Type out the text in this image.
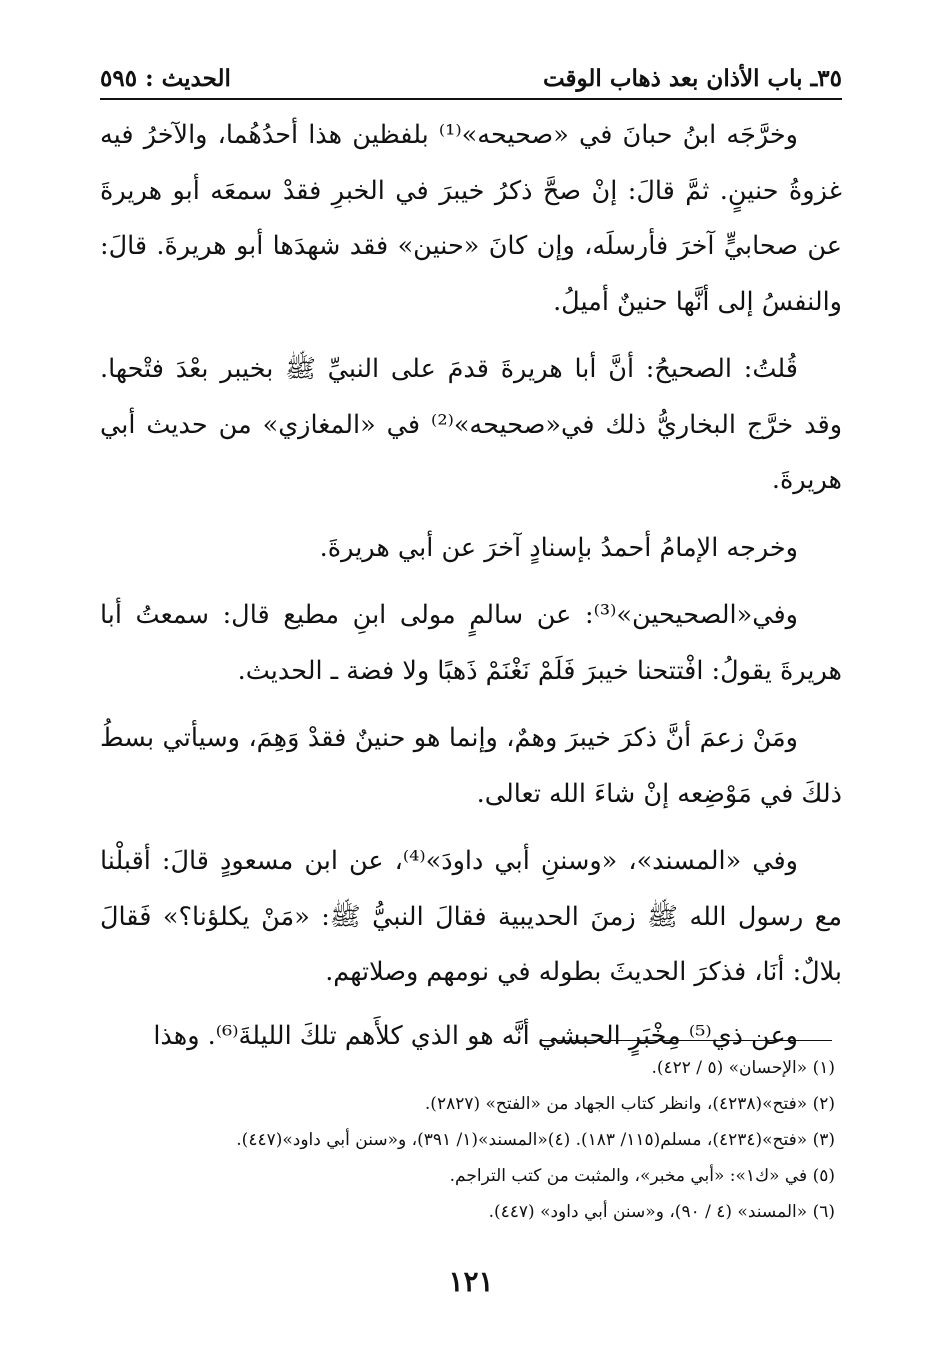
٣٥ـ باب الأذان بعد ذهاب الوقت
الحديث : ٥٩٥

وخرَّجَه ابنُ حبانَ في «صحيحه»⁽¹⁾ بلفظين هذا أحدُهُما، والآخرُ فيه غزوةُ حنينٍ. ثمَّ قالَ: إنْ صحَّ ذكرُ خيبرَ في الخبرِ فقدْ سمعَه أبو هريرةَ عن صحابيٍّ آخرَ فأرسلَه، وإن كانَ «حنين» فقد شهدَها أبو هريرةَ. قالَ: والنفسُ إلى أنَّها حنينٌ أميلُ.

قُلتُ: الصحيحُ: أنَّ أبا هريرةَ قدمَ على النبيِّ ﷺ بخيبر بعْدَ فتْحها. وقد خرَّج البخاريُّ ذلك في«صحيحه»⁽²⁾ في «المغازي» من حديث أبي هريرةَ.

وخرجه الإمامُ أحمدُ بإسنادٍ آخرَ عن أبي هريرةَ.

وفي«الصحيحين»⁽³⁾: عن سالمٍ مولى ابنِ مطيع قال: سمعتُ أبا هريرةَ يقولُ: افْتتحنا خيبرَ فَلَمْ نَغْنَمْ ذَهبًا ولا فضة ـ الحديث.

ومَنْ زعمَ أنَّ ذكرَ خيبرَ وهمٌ، وإنما هو حنينٌ فقدْ وَهِمَ، وسيأتي بسطُ ذلكَ في مَوْضِعه إنْ شاءَ الله تعالى.

وفي «المسند»، «وسننِ أبي داودَ»⁽⁴⁾، عن ابن مسعودٍ قالَ: أقبلْنا مع رسول الله ﷺ زمنَ الحديبية فقالَ النبيُّ ﷺ: «مَنْ يكلؤنا؟» فَقالَ بلالٌ: أنَا، فذكرَ الحديثَ بطوله في نومهم وصلاتهم.

وعن ذي⁽⁵⁾ مِخْبَرٍ الحبشي أنَّه هو الذي كلأَهم تلكَ الليلةَ⁽⁶⁾. وهذا

(١) «الإحسان» (٥ / ٤٢٢).

(٢) «فتح»(٤٢٣٨)، وانظر كتاب الجهاد من «الفتح» (٢٨٢٧).

(٣) «فتح»(٤٢٣٤)، مسلم(١١٥/ ١٨٣). (٤)«المسند»(١/ ٣٩١)، و«سنن أبي داود»(٤٤٧).

(٥) في «ك١»: «أبي مخبر»، والمثبت من كتب التراجم.

(٦) «المسند» (٤ / ٩٠)، و«سنن أبي داود» (٤٤٧).

١٢١
